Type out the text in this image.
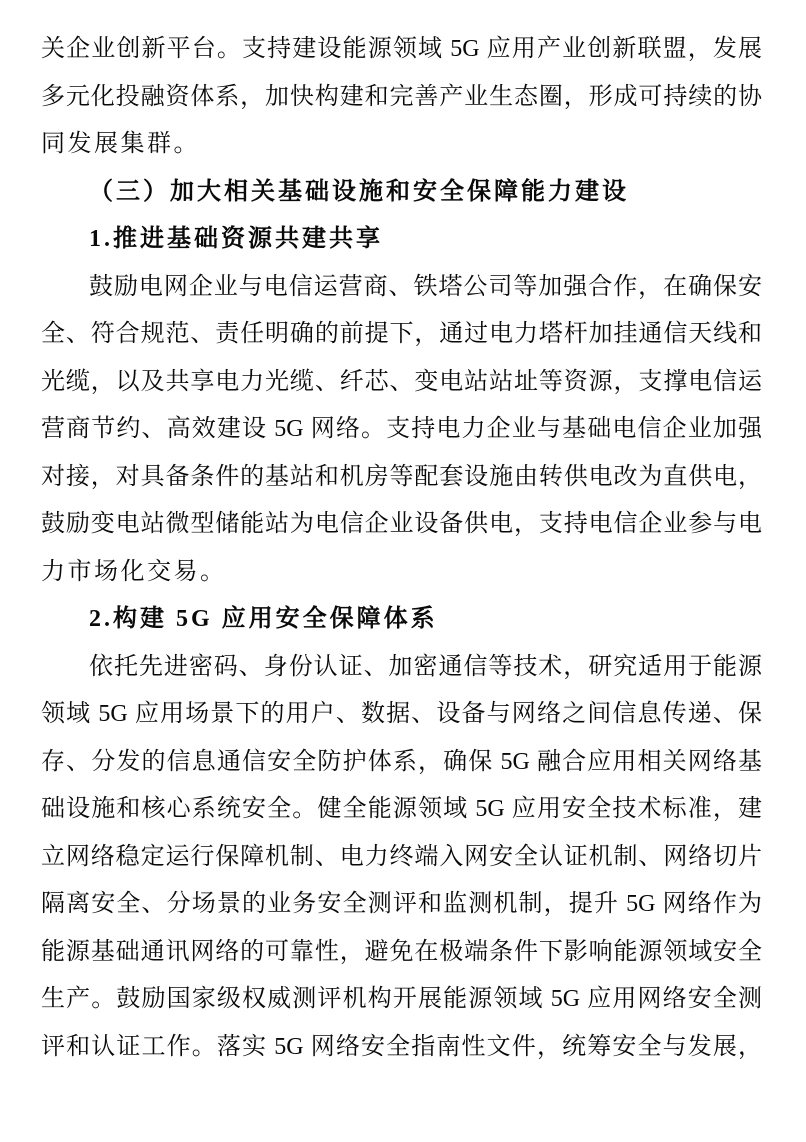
关企业创新平台。支持建设能源领域 5G 应用产业创新联盟，发展
多元化投融资体系，加快构建和完善产业生态圈，形成可持续的协
同发展集群。
（三）加大相关基础设施和安全保障能力建设
1.推进基础资源共建共享
鼓励电网企业与电信运营商、铁塔公司等加强合作，在确保安
全、符合规范、责任明确的前提下，通过电力塔杆加挂通信天线和
光缆，以及共享电力光缆、纤芯、变电站站址等资源，支撑电信运
营商节约、高效建设 5G 网络。支持电力企业与基础电信企业加强
对接，对具备条件的基站和机房等配套设施由转供电改为直供电，
鼓励变电站微型储能站为电信企业设备供电，支持电信企业参与电
力市场化交易。
2.构建 5G 应用安全保障体系
依托先进密码、身份认证、加密通信等技术，研究适用于能源
领域 5G 应用场景下的用户、数据、设备与网络之间信息传递、保
存、分发的信息通信安全防护体系，确保 5G 融合应用相关网络基
础设施和核心系统安全。健全能源领域 5G 应用安全技术标准，建
立网络稳定运行保障机制、电力终端入网安全认证机制、网络切片
隔离安全、分场景的业务安全测评和监测机制，提升 5G 网络作为
能源基础通讯网络的可靠性，避免在极端条件下影响能源领域安全
生产。鼓励国家级权威测评机构开展能源领域 5G 应用网络安全测
评和认证工作。落实 5G 网络安全指南性文件，统筹安全与发展，
